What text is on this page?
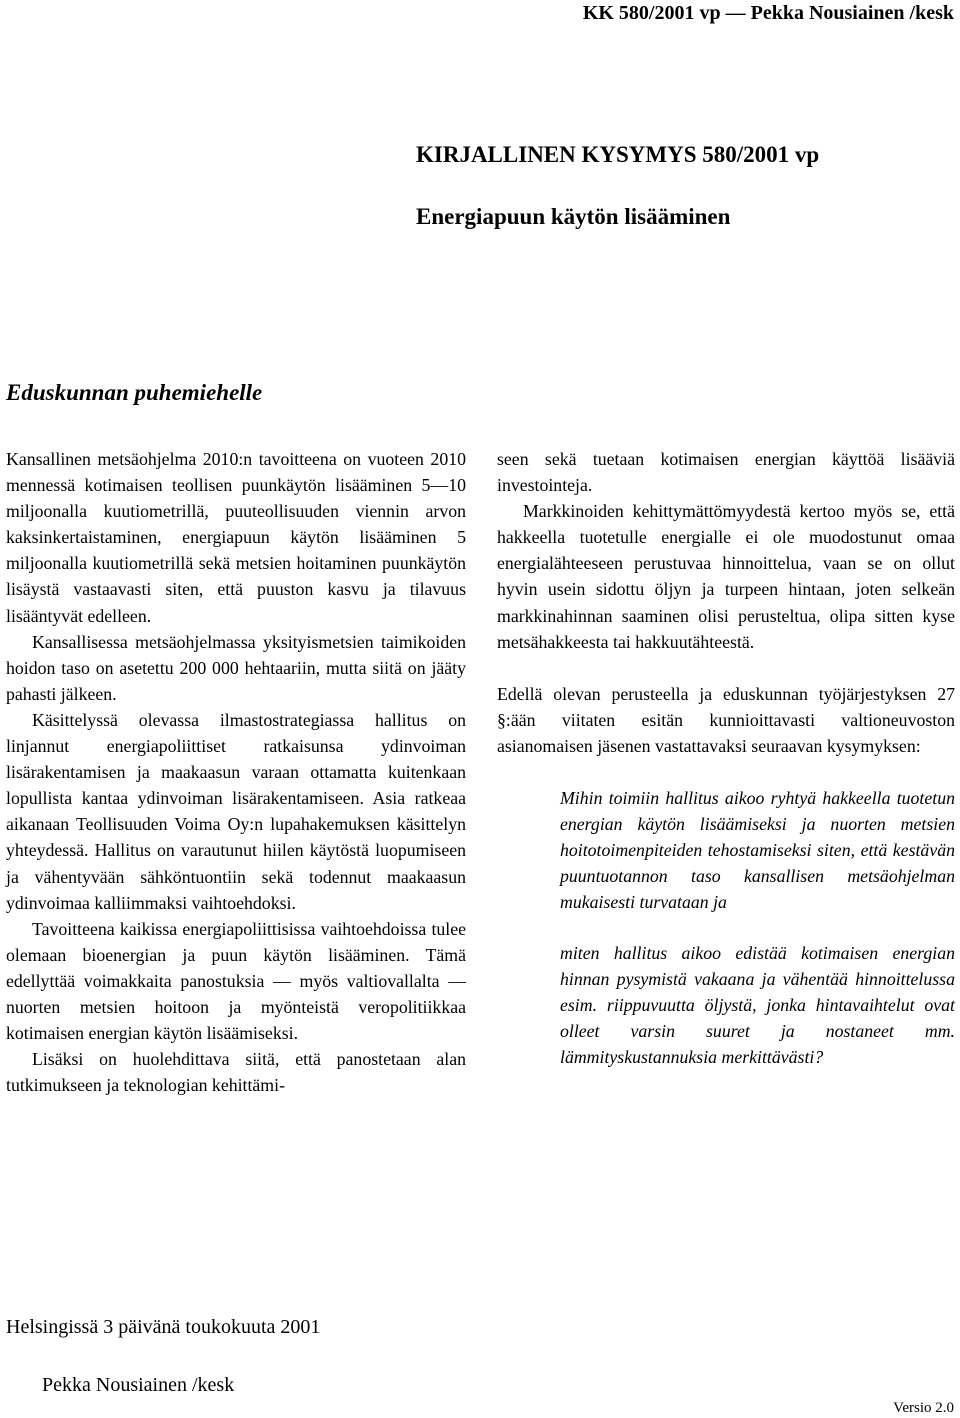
KK 580/2001 vp — Pekka Nousiainen /kesk
KIRJALLINEN KYSYMYS 580/2001 vp
Energiapuun käytön lisääminen
Eduskunnan puhemiehelle

Kansallinen metsäohjelma 2010:n tavoitteena on vuoteen 2010 mennessä kotimaisen teollisen puunkäytön lisääminen 5—10 miljoonalla kuutiometrillä, puuteollisuuden viennin arvon kaksinkertaistaminen, energiapuun käytön lisääminen 5 miljoonalla kuutiometrillä sekä metsien hoitaminen puunkäytön lisäystä vastaavasti siten, että puuston kasvu ja tilavuus lisääntyvät edelleen.

Kansallisessa metsäohjelmassa yksityismetsien taimikoiden hoidon taso on asetettu 200 000 hehtaariin, mutta siitä on jääty pahasti jälkeen.

Käsittelyssä olevassa ilmastostrategiassa hallitus on linjannut energiapoliittiset ratkaisunsa ydinvoiman lisärakentamisen ja maakaasun varaan ottamatta kuitenkaan lopullista kantaa ydinvoiman lisärakentamiseen. Asia ratkeaa aikanaan Teollisuuden Voima Oy:n lupahakemuksen käsittelyn yhteydessä. Hallitus on varautunut hiilen käytöstä luopumiseen ja vähentyvään sähköntuontiin sekä todennut maakaasun ydinvoimaa kalliimmaksi vaihtoehdoksi.

Tavoitteena kaikissa energiapoliittisissa vaihtoehdoissa tulee olemaan bioenergian ja puun käytön lisääminen. Tämä edellyttää voimakkaita panostuksia — myös valtiovallalta — nuorten metsien hoitoon ja myönteistä veropolitiikkaa kotimaisen energian käytön lisäämiseksi.

Lisäksi on huolehdittava siitä, että panostetaan alan tutkimukseen ja teknologian kehittämi-

seen sekä tuetaan kotimaisen energian käyttöä lisääviä investointeja.

Markkinoiden kehittymättömyydestä kertoo myös se, että hakkeella tuotetulle energialle ei ole muodostunut omaa energialähteeseen perustuvaa hinnoittelua, vaan se on ollut hyvin usein sidottu öljyn ja turpeen hintaan, joten selkeän markkinahinnan saaminen olisi perusteltua, olipa sitten kyse metsähakkeesta tai hakkuutähteestä.

Edellä olevan perusteella ja eduskunnan työjärjestyksen 27 §:ään viitaten esitän kunnioittavasti valtioneuvoston asianomaisen jäsenen vastattavaksi seuraavan kysymyksen:

Mihin toimiin hallitus aikoo ryhtyä hakkeella tuotetun energian käytön lisäämiseksi ja nuorten metsien hoitotoimenpiteiden tehostamiseksi siten, että kestävän puuntuotannon taso kansallisen metsäohjelman mukaisesti turvataan ja

miten hallitus aikoo edistää kotimaisen energian hinnan pysymistä vakaana ja vähentää hinnoittelussa esim. riippuvuutta öljystä, jonka hintavaihtelut ovat olleet varsin suuret ja nostaneet mm. lämmityskustannuksia merkittävästi?

Helsingissä 3 päivänä toukokuuta 2001
Pekka Nousiainen /kesk
Versio 2.0
